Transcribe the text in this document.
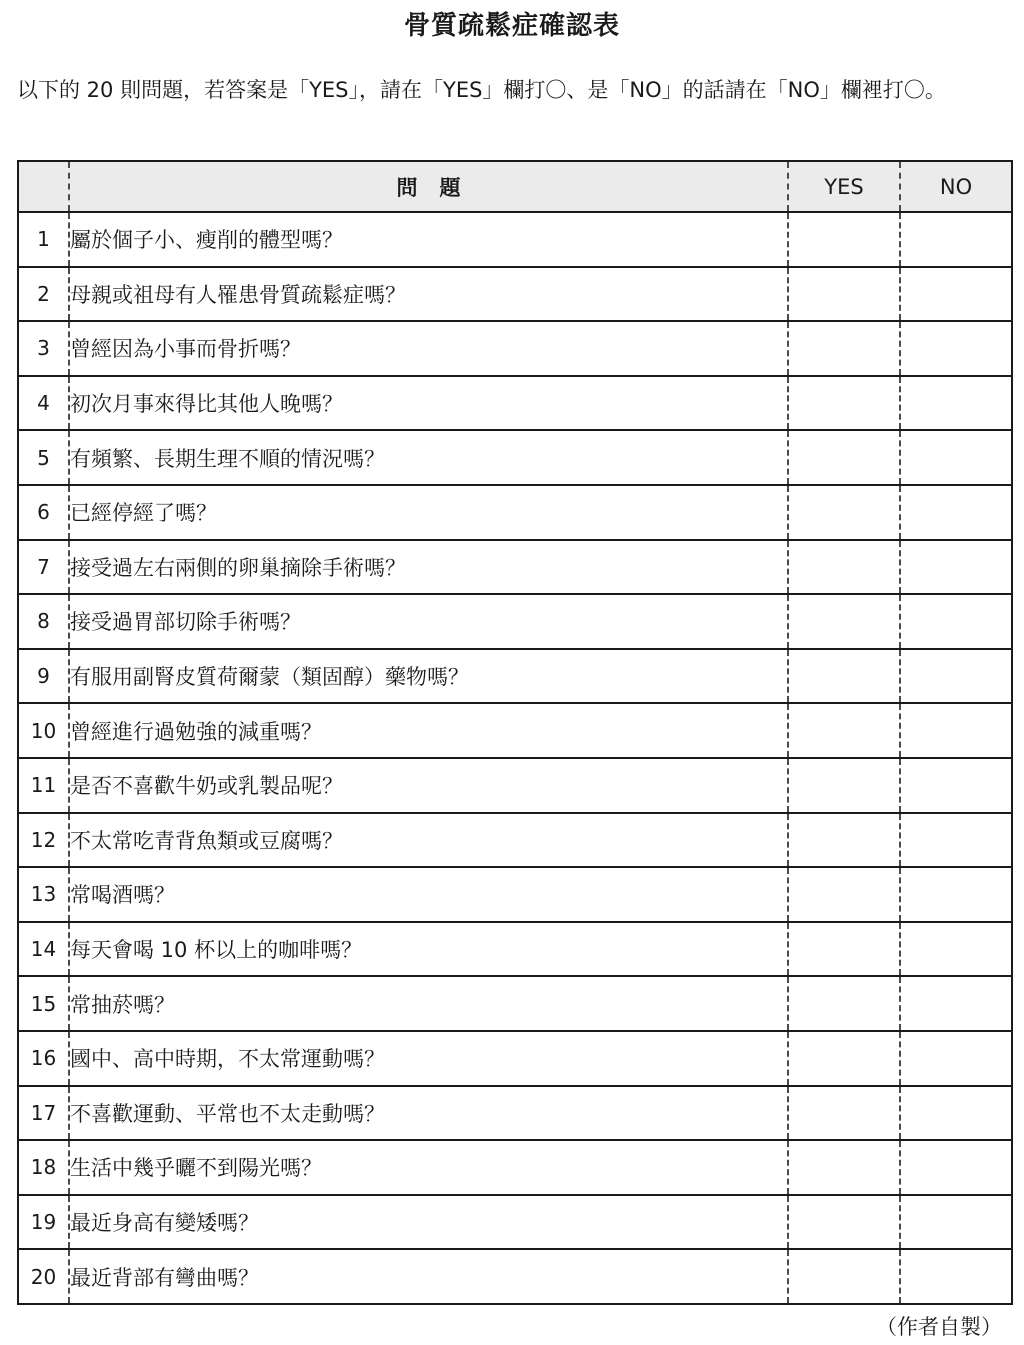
骨質疏鬆症確認表

以下的 20 則問題，若答案是「YES」，請在「YES」欄打〇、是「NO」的話請在「NO」欄裡打〇。

	問題	YES	NO
1	屬於個子小、瘦削的體型嗎？		
2	母親或祖母有人罹患骨質疏鬆症嗎？		
3	曾經因為小事而骨折嗎？		
4	初次月事來得比其他人晚嗎？		
5	有頻繁、長期生理不順的情況嗎？		
6	已經停經了嗎？		
7	接受過左右兩側的卵巢摘除手術嗎？		
8	接受過胃部切除手術嗎？		
9	有服用副腎皮質荷爾蒙（類固醇）藥物嗎？		
10	曾經進行過勉強的減重嗎？		
11	是否不喜歡牛奶或乳製品呢？		
12	不太常吃青背魚類或豆腐嗎？		
13	常喝酒嗎？		
14	每天會喝 10 杯以上的咖啡嗎？		
15	常抽菸嗎？		
16	國中、高中時期，不太常運動嗎？		
17	不喜歡運動、平常也不太走動嗎？		
18	生活中幾乎曬不到陽光嗎？		
19	最近身高有變矮嗎？		
20	最近背部有彎曲嗎？		
（作者自製）
